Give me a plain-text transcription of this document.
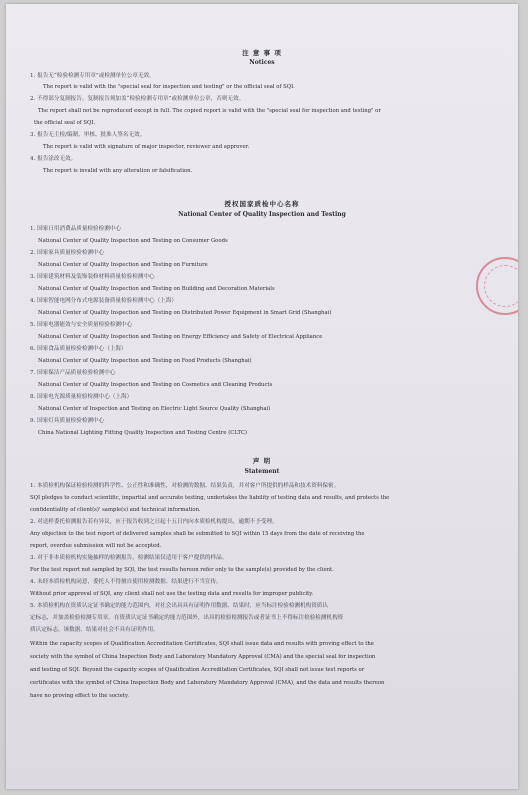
注 意 事 项
Notices
1. 报告无“检验检测专用章”或检测单位公章无效。
The report is valid with the "special seal for inspection and testing" or the official seal of SQI.
2. 不得部分复制报告。复制报告须加盖“检验检测专用章”或检测单位公章，否则无效。
The report shall not be reproduced except in full. The copied report is valid with the "special seal for inspection and testing" or
the official seal of SQI.
3. 报告无主检/编制、审核、批准人签名无效。
The report is valid with signature of major inspector, reviewer and approver.
4. 报告涂改无效。
The report is invalid with any alteration or falsification.
授权国家质检中心名称
National Center of Quality Inspection and Testing
1. 国家日用消费品质量检验检测中心
National Center of Quality Inspection and Testing on Consumer Goods
2. 国家家具质量检验检测中心
National Center of Quality Inspection and Testing on Furniture
3. 国家建筑材料及装饰装修材料质量检验检测中心
National Center of Quality Inspection and Testing on Building and Decoration Materials
4. 国家智能电网分布式电源装备质量检验检测中心（上海）
National Center of Quality Inspection and Testing on Distributed Power Equipment in Smart Grid (Shanghai)
5. 国家电器能效与安全质量检验检测中心
National Center of Quality Inspection and Testing on Energy Efficiency and Safety of Electrical Appliance
6. 国家食品质量检验检测中心（上海）
National Center of Quality Inspection and Testing on Food Products (Shanghai)
7. 国家保洁产品质量检验检测中心
National Center of Quality Inspection and Testing on Cosmetics and Cleaning Products
8. 国家电光源质量检验检测中心（上海）
National Center of Inspection and Testing on Electric Light Source Quality (Shanghai)
9. 国家灯具质量检验检测中心
China National Lighting Fitting Quality Inspection and Testing Centre (CLTC)
声 明
Statement
1. 本质检机构保证检验检测的科学性、公正性和准确性，对检测的数据、结果负责，并对客户所提供的样品和技术资料保密。
SQI pledges to conduct scientific, impartial and accurate testing, undertakes the liability of testing data and results, and protects the
confidentiality of client(s)' sample(s) and technical information.
2. 对送样委托检测报告若有异议，应于报告收到之日起十五日内向本质检机构提出，逾期不予受理。
Any objection to the test report of delivered samples shall be submitted to SQI within 15 days from the date of receiving the
report, overdue submission will not be accepted.
3. 对于非本质检机构实施抽样的检测报告，检测结果仅适用于客户提供的样品。
For the test report not sampled by SQI, the test results hereon refer only to the sample(s) provided by the client.
4. 未经本质检机构同意，委托人不得擅自使用检测数据、结果进行不当宣传。
Without prior approval of SQI, any client shall not use the testing data and results for improper publicity.
5. 本质检机构在资质认定证书确定的能力范围内，对社会出具具有证明作用数据、结果时，应当标注检验检测机构资质认
定标志，并加盖检验检测专用章。在资质认定证书确定的能力范围外，出具的检验检测报告或者证书上不得标注检验检测机构资
质认定标志，该数据、结果对社会不具有证明作用。
Within the capacity scopes of Qualification Accreditation Certificates, SQI shall issue data and results with proving effect to the
society with the symbol of China Inspection Body and Laboratory Mandatory Approval (CMA) and the special seal for inspection
and testing of SQI. Beyond the capacity scopes of Qualification Accreditation Certificates, SQI shall not issue test reports or
certificates with the symbol of China Inspection Body and Laboratory Mandatory Approval (CMA), and the data and results thereon
have no proving effect to the society.
